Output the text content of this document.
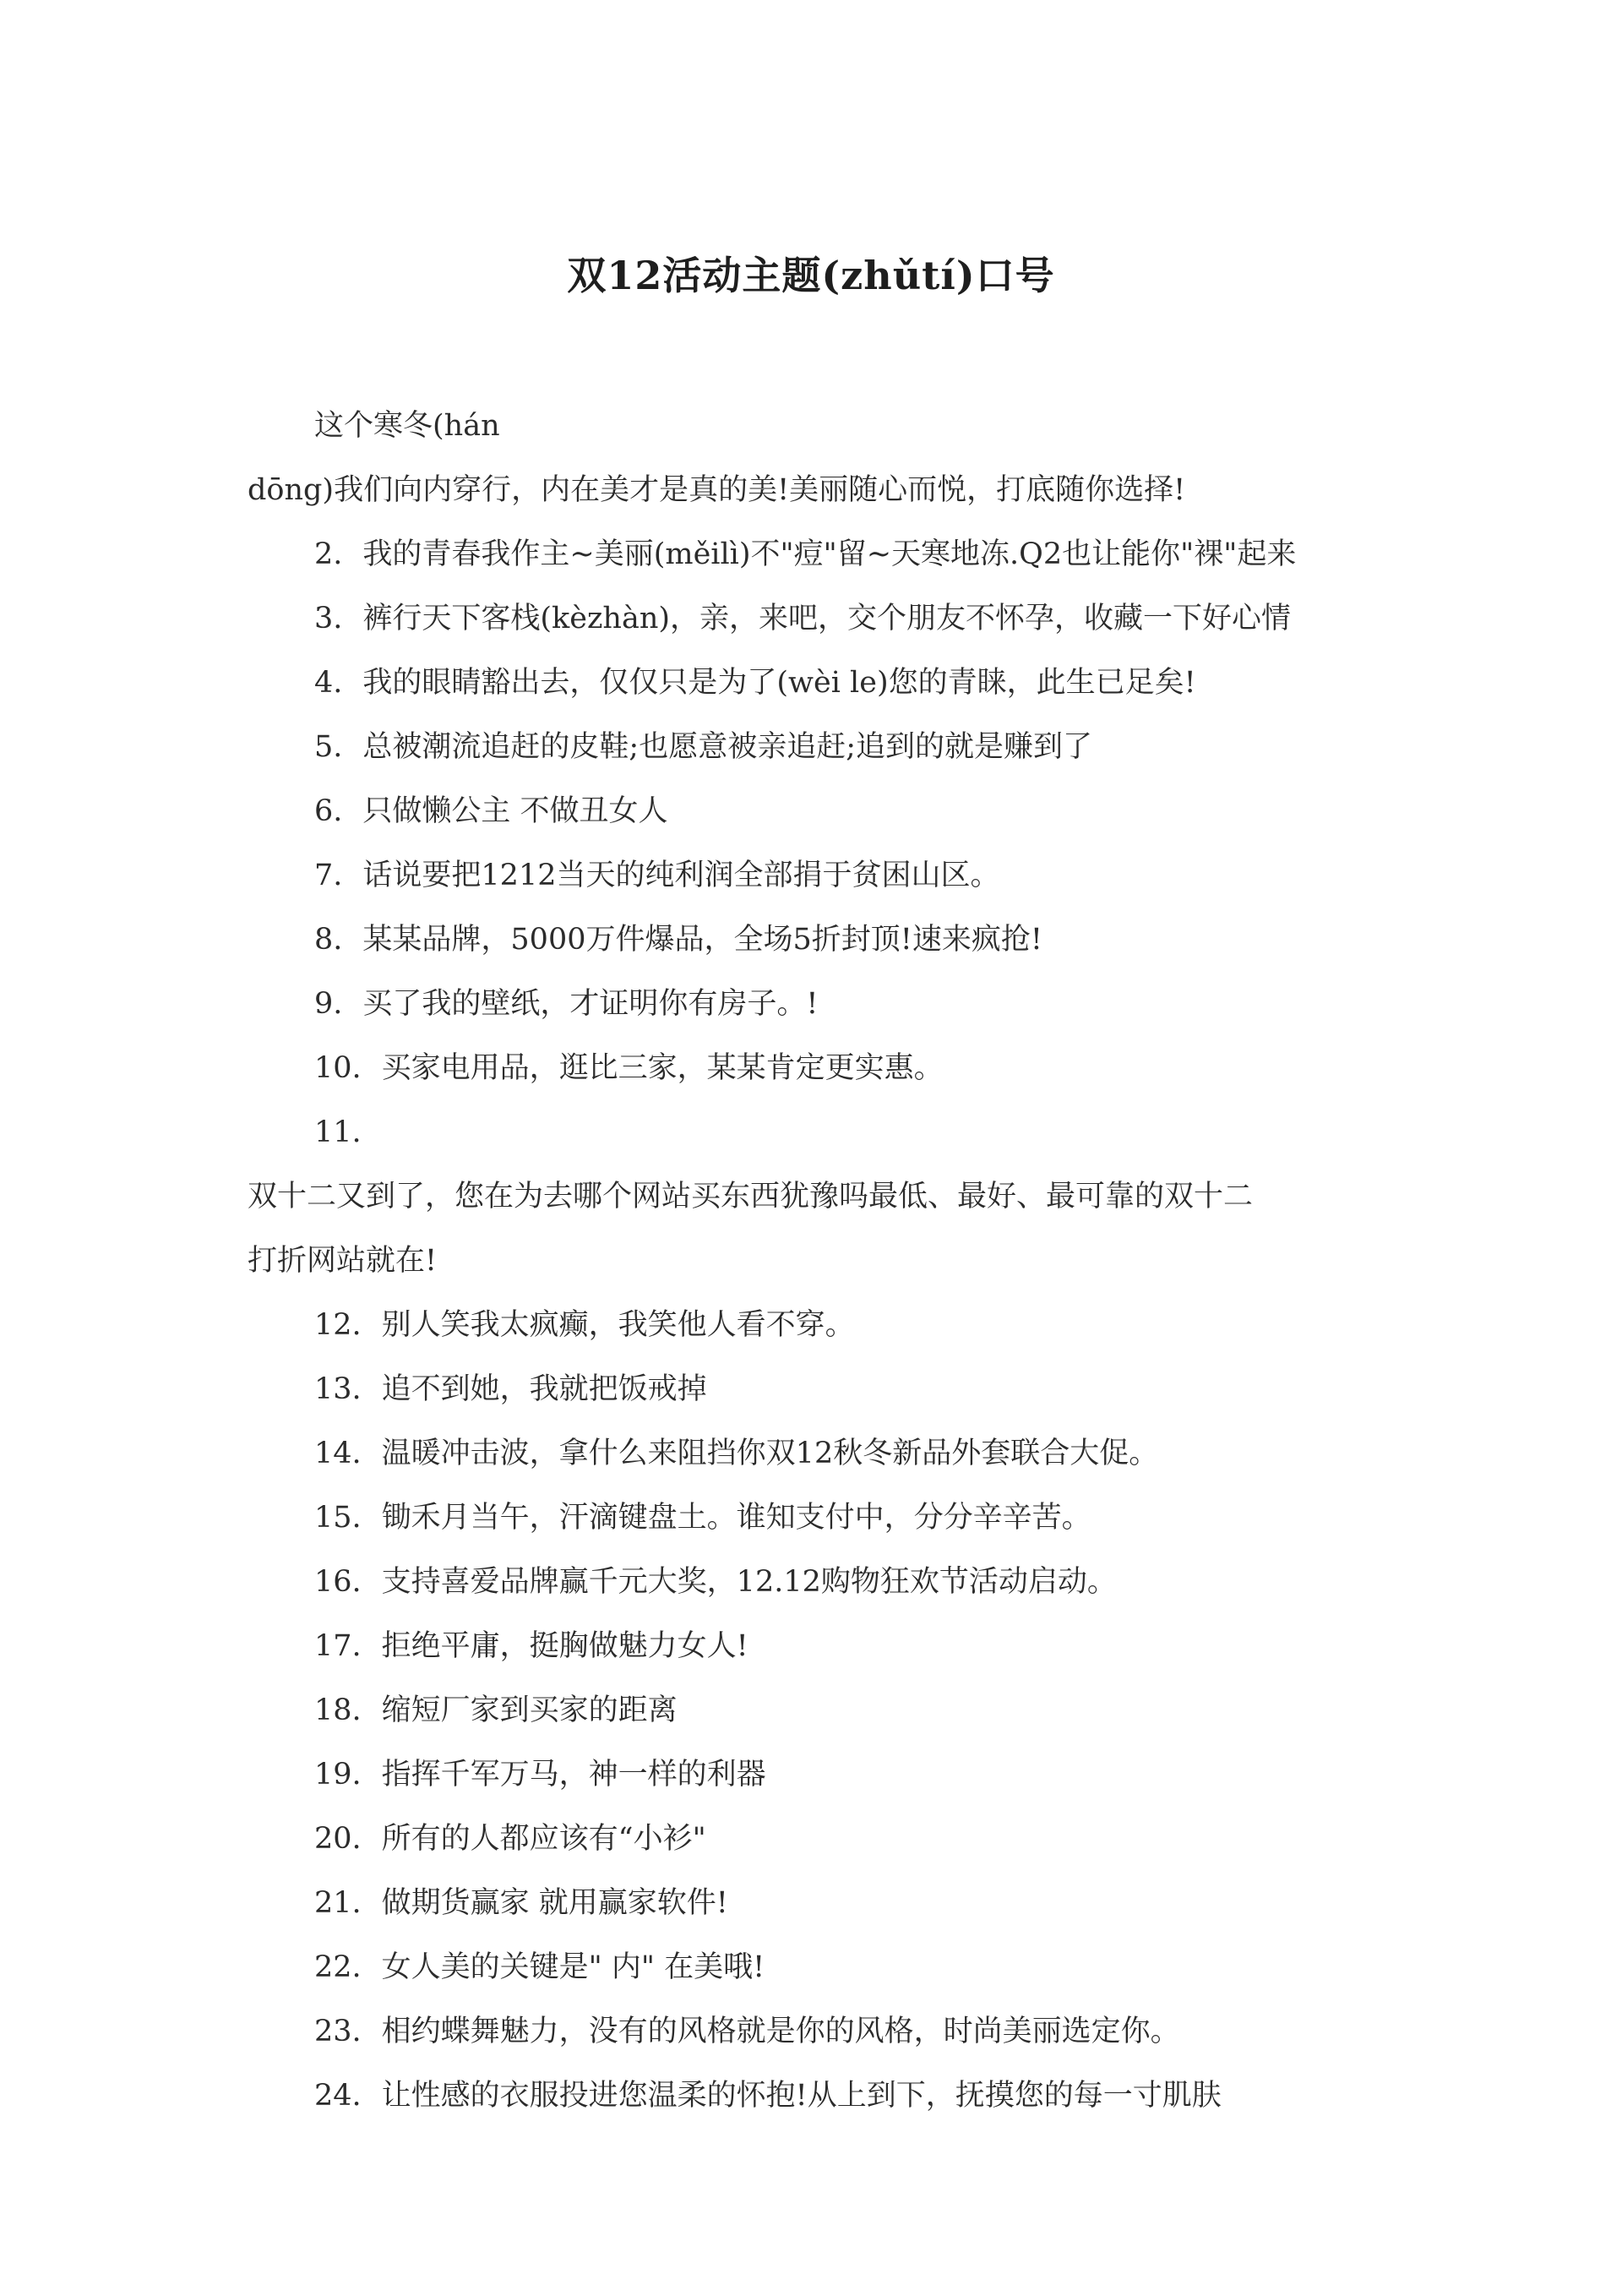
双12活动主题(zhǔtí)口号
这个寒冬(hán
dōng)我们向内穿行，内在美才是真的美!美丽随心而悦，打底随你选择!
2. 我的青春我作主~美丽(měilì)不"痘"留~天寒地冻.Q2也让能你"裸"起来
3. 裤行天下客栈(kèzhàn)，亲，来吧，交个朋友不怀孕，收藏一下好心情
4. 我的眼睛豁出去，仅仅只是为了(wèi le)您的青睐，此生已足矣!
5. 总被潮流追赶的皮鞋;也愿意被亲追赶;追到的就是赚到了
6. 只做懒公主 不做丑女人
7. 话说要把1212当天的纯利润全部捐于贫困山区。
8. 某某品牌，5000万件爆品，全场5折封顶!速来疯抢!
9. 买了我的壁纸，才证明你有房子。!
10. 买家电用品，逛比三家，某某肯定更实惠。
11.
双十二又到了，您在为去哪个网站买东西犹豫吗最低、最好、最可靠的双十二
打折网站就在!
12. 别人笑我太疯癫，我笑他人看不穿。
13. 追不到她，我就把饭戒掉
14. 温暖冲击波，拿什么来阻挡你双12秋冬新品外套联合大促。
15. 锄禾月当午，汗滴键盘土。谁知支付中，分分辛辛苦。
16. 支持喜爱品牌赢千元大奖，12.12购物狂欢节活动启动。
17. 拒绝平庸，挺胸做魅力女人!
18. 缩短厂家到买家的距离
19. 指挥千军万马，神一样的利器
20. 所有的人都应该有“小衫"
21. 做期货赢家 就用赢家软件!
22. 女人美的关键是" 内" 在美哦!
23. 相约蝶舞魅力，没有的风格就是你的风格，时尚美丽选定你。
24. 让性感的衣服投进您温柔的怀抱!从上到下，抚摸您的每一寸肌肤
